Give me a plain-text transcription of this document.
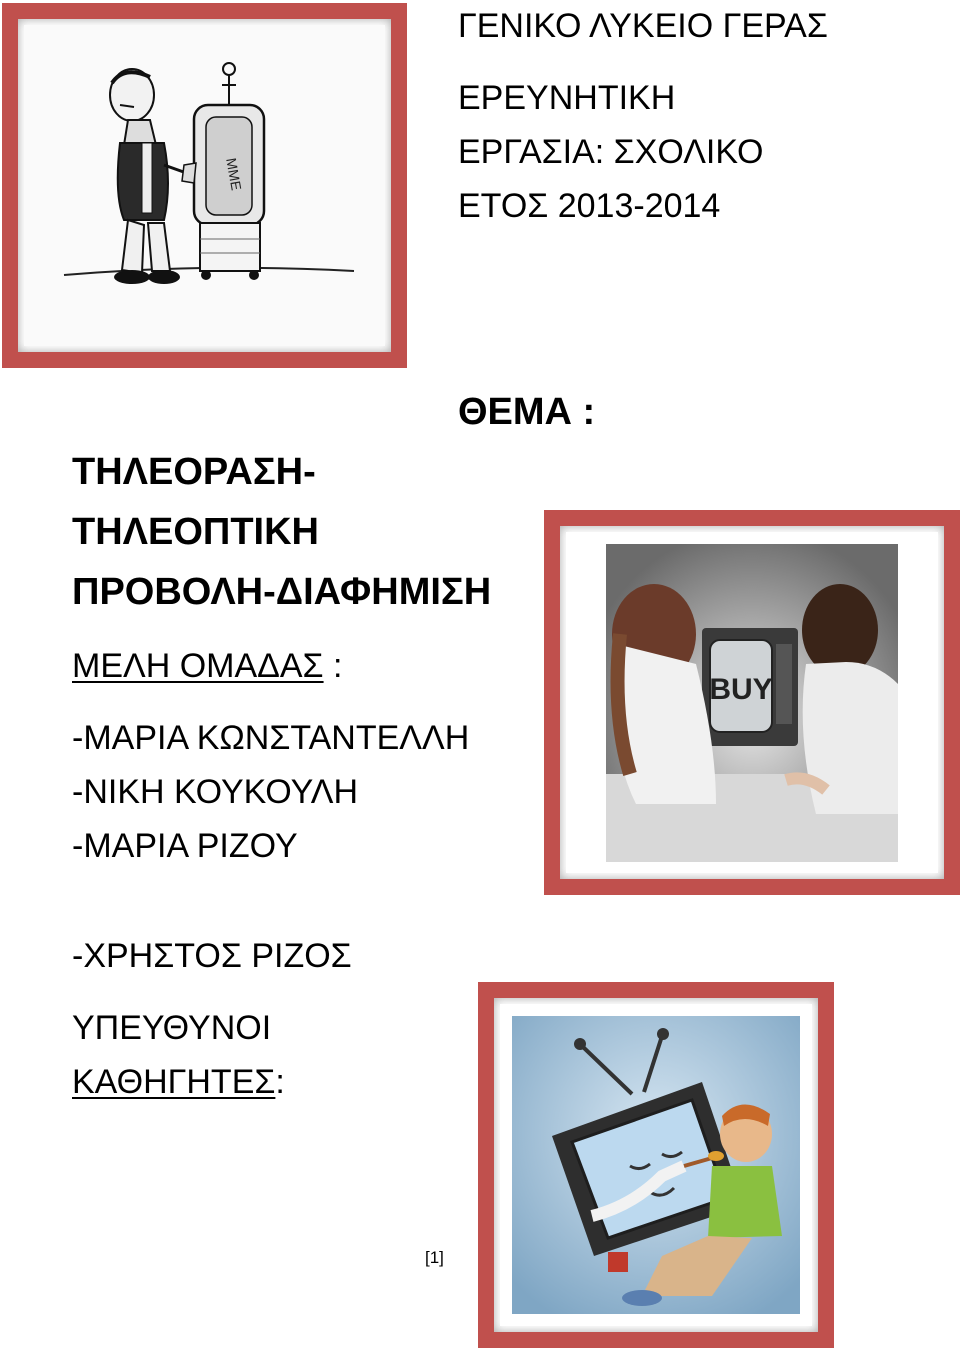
ΜΜΕ
ΓΕΝΙΚΟ ΛΥΚΕΙΟ ΓΕΡΑΣ
ΕΡΕΥΝΗΤΙΚΗ
ΕΡΓΑΣΙΑ: ΣΧΟΛΙΚΟ
ΕΤΟΣ 2013-2014
ΘΕΜΑ :
ΤΗΛΕΟΡΑΣΗ-
ΤΗΛΕΟΠΤΙΚΗ
ΠΡΟΒΟΛΗ-ΔΙΑΦΗΜΙΣΗ
ΜΕΛΗ ΟΜΑΔΑΣ :
-ΜΑΡΙΑ ΚΩΝΣΤΑΝΤΕΛΛΗ
-ΝΙΚΗ ΚΟΥΚΟΥΛΗ
-ΜΑΡΙΑ ΡΙΖΟΥ
-ΧΡΗΣΤΟΣ ΡΙΖΟΣ
ΥΠΕΥΘΥΝΟΙ
ΚΑΘΗΓΗΤΕΣ:
BUY
[1]
